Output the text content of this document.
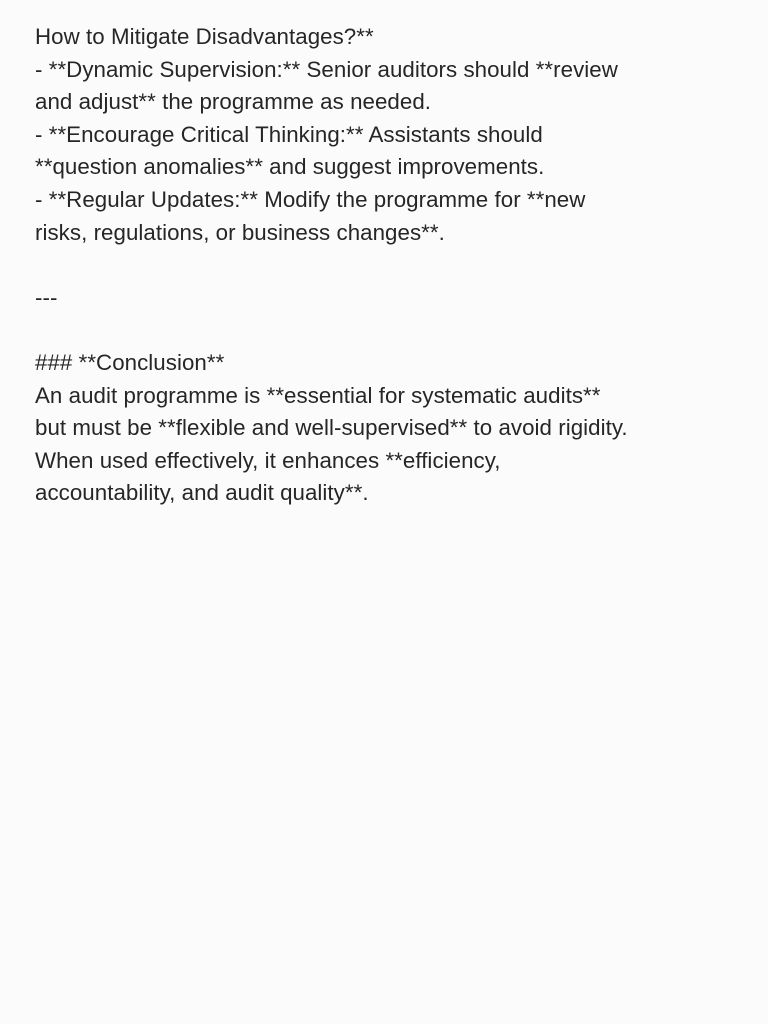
How to Mitigate Disadvantages?**
- **Dynamic Supervision:** Senior auditors should **review
and adjust** the programme as needed.
- **Encourage Critical Thinking:** Assistants should
**question anomalies** and suggest improvements.
- **Regular Updates:** Modify the programme for **new
risks, regulations, or business changes**.
---
### **Conclusion**
An audit programme is **essential for systematic audits**
but must be **flexible and well-supervised** to avoid rigidity.
When used effectively, it enhances **efficiency,
accountability, and audit quality**.
